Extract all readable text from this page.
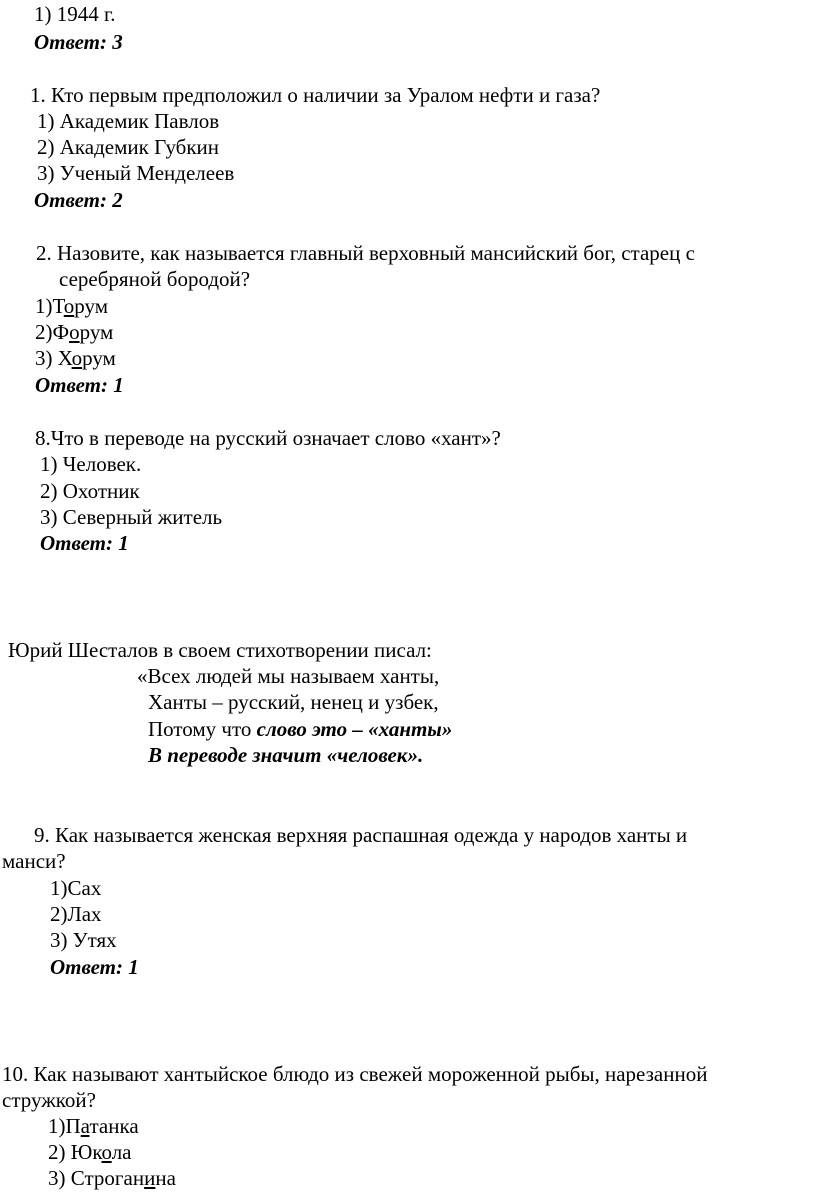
1) 1944 г.
Ответ: 3
1. Кто первым предположил о наличии за Уралом нефти и газа?
1) Академик Павлов
2) Академик Губкин
3) Ученый Менделеев
Ответ: 2
2. Назовите, как называется главный верховный мансийский бог, старец с
серебряной бородой?
1)Торум
2)Форум
3) Хорум
Ответ: 1
8.Что в переводе на русский означает слово «хант»?
1) Человек.
2) Охотник
3) Северный житель
Ответ: 1
Юрий Шесталов в своем стихотворении писал:
«Всех людей мы называем ханты,
Ханты – русский, ненец и узбек,
Потому что слово это – «ханты»
В переводе значит «человек».
9. Как называется женская верхняя распашная одежда у народов ханты и
манси?
1)Сах
2)Лах
3) Утях
Ответ: 1
10. Как называют хантыйское блюдо из свежей мороженной рыбы, нарезанной
стружкой?
1)Патанка
2) Юкола
3) Строганина
